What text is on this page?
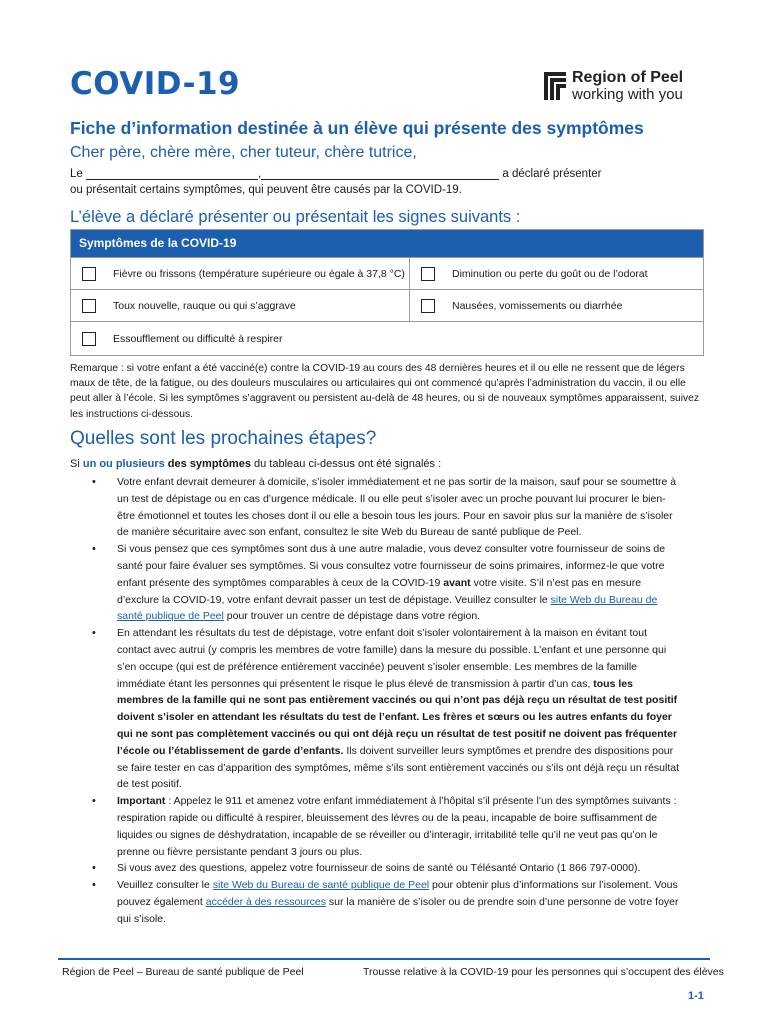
COVID-19	Region of Peel
working with you
Fiche d’information destinée à un élève qui présente des symptômes
Cher père, chère mère, cher tuteur, chère tutrice,
Le	,	a déclaré présenter
ou présentait certains symptômes, qui peuvent être causés par la COVID-19.
L’élève a déclaré présenter ou présentait les signes suivants :
Symptômes de la COVID-19
Fièvre ou frissons (température supérieure ou égale à 37,8 °C)	Diminution ou perte du goût ou de l’odorat
Toux nouvelle, rauque ou qui s’aggrave	Nausées, vomissements ou diarrhée
Essoufflement ou difficulté à respirer
Remarque : si votre enfant a été vacciné(e) contre la COVID-19 au cours des 48 dernières heures et il ou elle ne ressent que de légers maux de tête, de la fatigue, ou des douleurs musculaires ou articulaires qui ont commencé qu’après l’administration du vaccin, il ou elle peut aller à l’école. Si les symptômes s’aggravent ou persistent au-delà de 48 heures, ou si de nouveaux symptômes apparaissent, suivez les instructions ci-dessous.
Quelles sont les prochaines étapes?
Si un ou plusieurs des symptômes du tableau ci-dessus ont été signalés :
• Votre enfant devrait demeurer à domicile, s’isoler immédiatement et ne pas sortir de la maison, sauf pour se soumettre à un test de dépistage ou en cas d’urgence médicale. Il ou elle peut s’isoler avec un proche pouvant lui procurer le bien-être émotionnel et toutes les choses dont il ou elle a besoin tous les jours. Pour en savoir plus sur la manière de s’isoler de manière sécuritaire avec son enfant, consultez le site Web du Bureau de santé publique de Peel.
• Si vous pensez que ces symptômes sont dus à une autre maladie, vous devez consulter votre fournisseur de soins de santé pour faire évaluer ses symptômes. Si vous consultez votre fournisseur de soins primaires, informez-le que votre enfant présente des symptômes comparables à ceux de la COVID-19 avant votre visite. S’il n’est pas en mesure d’exclure la COVID-19, votre enfant devrait passer un test de dépistage. Veuillez consulter le site Web du Bureau de santé publique de Peel pour trouver un centre de dépistage dans votre région.
• En attendant les résultats du test de dépistage, votre enfant doit s’isoler volontairement à la maison en évitant tout contact avec autrui (y compris les membres de votre famille) dans la mesure du possible. L’enfant et une personne qui s’en occupe (qui est de préférence entièrement vaccinée) peuvent s’isoler ensemble. Les membres de la famille immédiate étant les personnes qui présentent le risque le plus élevé de transmission à partir d’un cas, tous les membres de la famille qui ne sont pas entièrement vaccinés ou qui n’ont pas déjà reçu un résultat de test positif doivent s’isoler en attendant les résultats du test de l’enfant. Les frères et sœurs ou les autres enfants du foyer qui ne sont pas complètement vaccinés ou qui ont déjà reçu un résultat de test positif ne doivent pas fréquenter l’école ou l’établissement de garde d’enfants. Ils doivent surveiller leurs symptômes et prendre des dispositions pour se faire tester en cas d’apparition des symptômes, même s’ils sont entièrement vaccinés ou s’ils ont déjà reçu un résultat de test positif.
• Important : Appelez le 911 et amenez votre enfant immédiatement à l’hôpital s’il présente l’un des symptômes suivants : respiration rapide ou difficulté à respirer, bleuissement des lèvres ou de la peau, incapable de boire suffisamment de liquides ou signes de déshydratation, incapable de se réveiller ou d’interagir, irritabilité telle qu’il ne veut pas qu’on le prenne ou fièvre persistante pendant 3 jours ou plus.
• Si vous avez des questions, appelez votre fournisseur de soins de santé ou Télésanté Ontario (1 866 797-0000).
• Veuillez consulter le site Web du Bureau de santé publique de Peel pour obtenir plus d’informations sur l’isolement. Vous pouvez également accéder à des ressources sur la manière de s’isoler ou de prendre soin d’une personne de votre foyer qui s’isole.
Région de Peel – Bureau de santé publique de Peel	Trousse relative à la COVID-19 pour les personnes qui s’occupent des élèves
1-1
